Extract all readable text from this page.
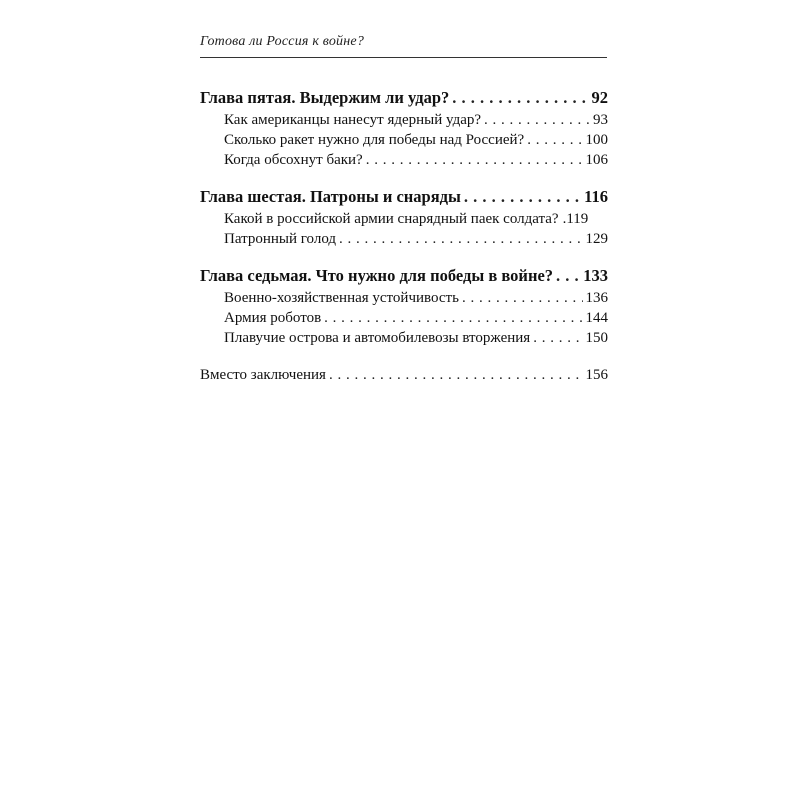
Готова ли Россия к войне?
Глава пятая. Выдержим ли удар? . . .	92
Как американцы нанесут ядерный удар? . . .	93
Сколько ракет нужно для победы над Россией? . . .	100
Когда обсохнут баки? . . .	106
Глава шестая. Патроны и снаряды . . .	116
Какой в российской армии снарядный паек солдата? .119
Патронный голод . . .	129
Глава седьмая. Что нужно для победы в войне? . . . 133
Военно-хозяйственная устойчивость . . .	136
Армия роботов . . .	144
Плавучие острова и автомобилевозы вторжения . . .	150
Вместо заключения . . .	156
